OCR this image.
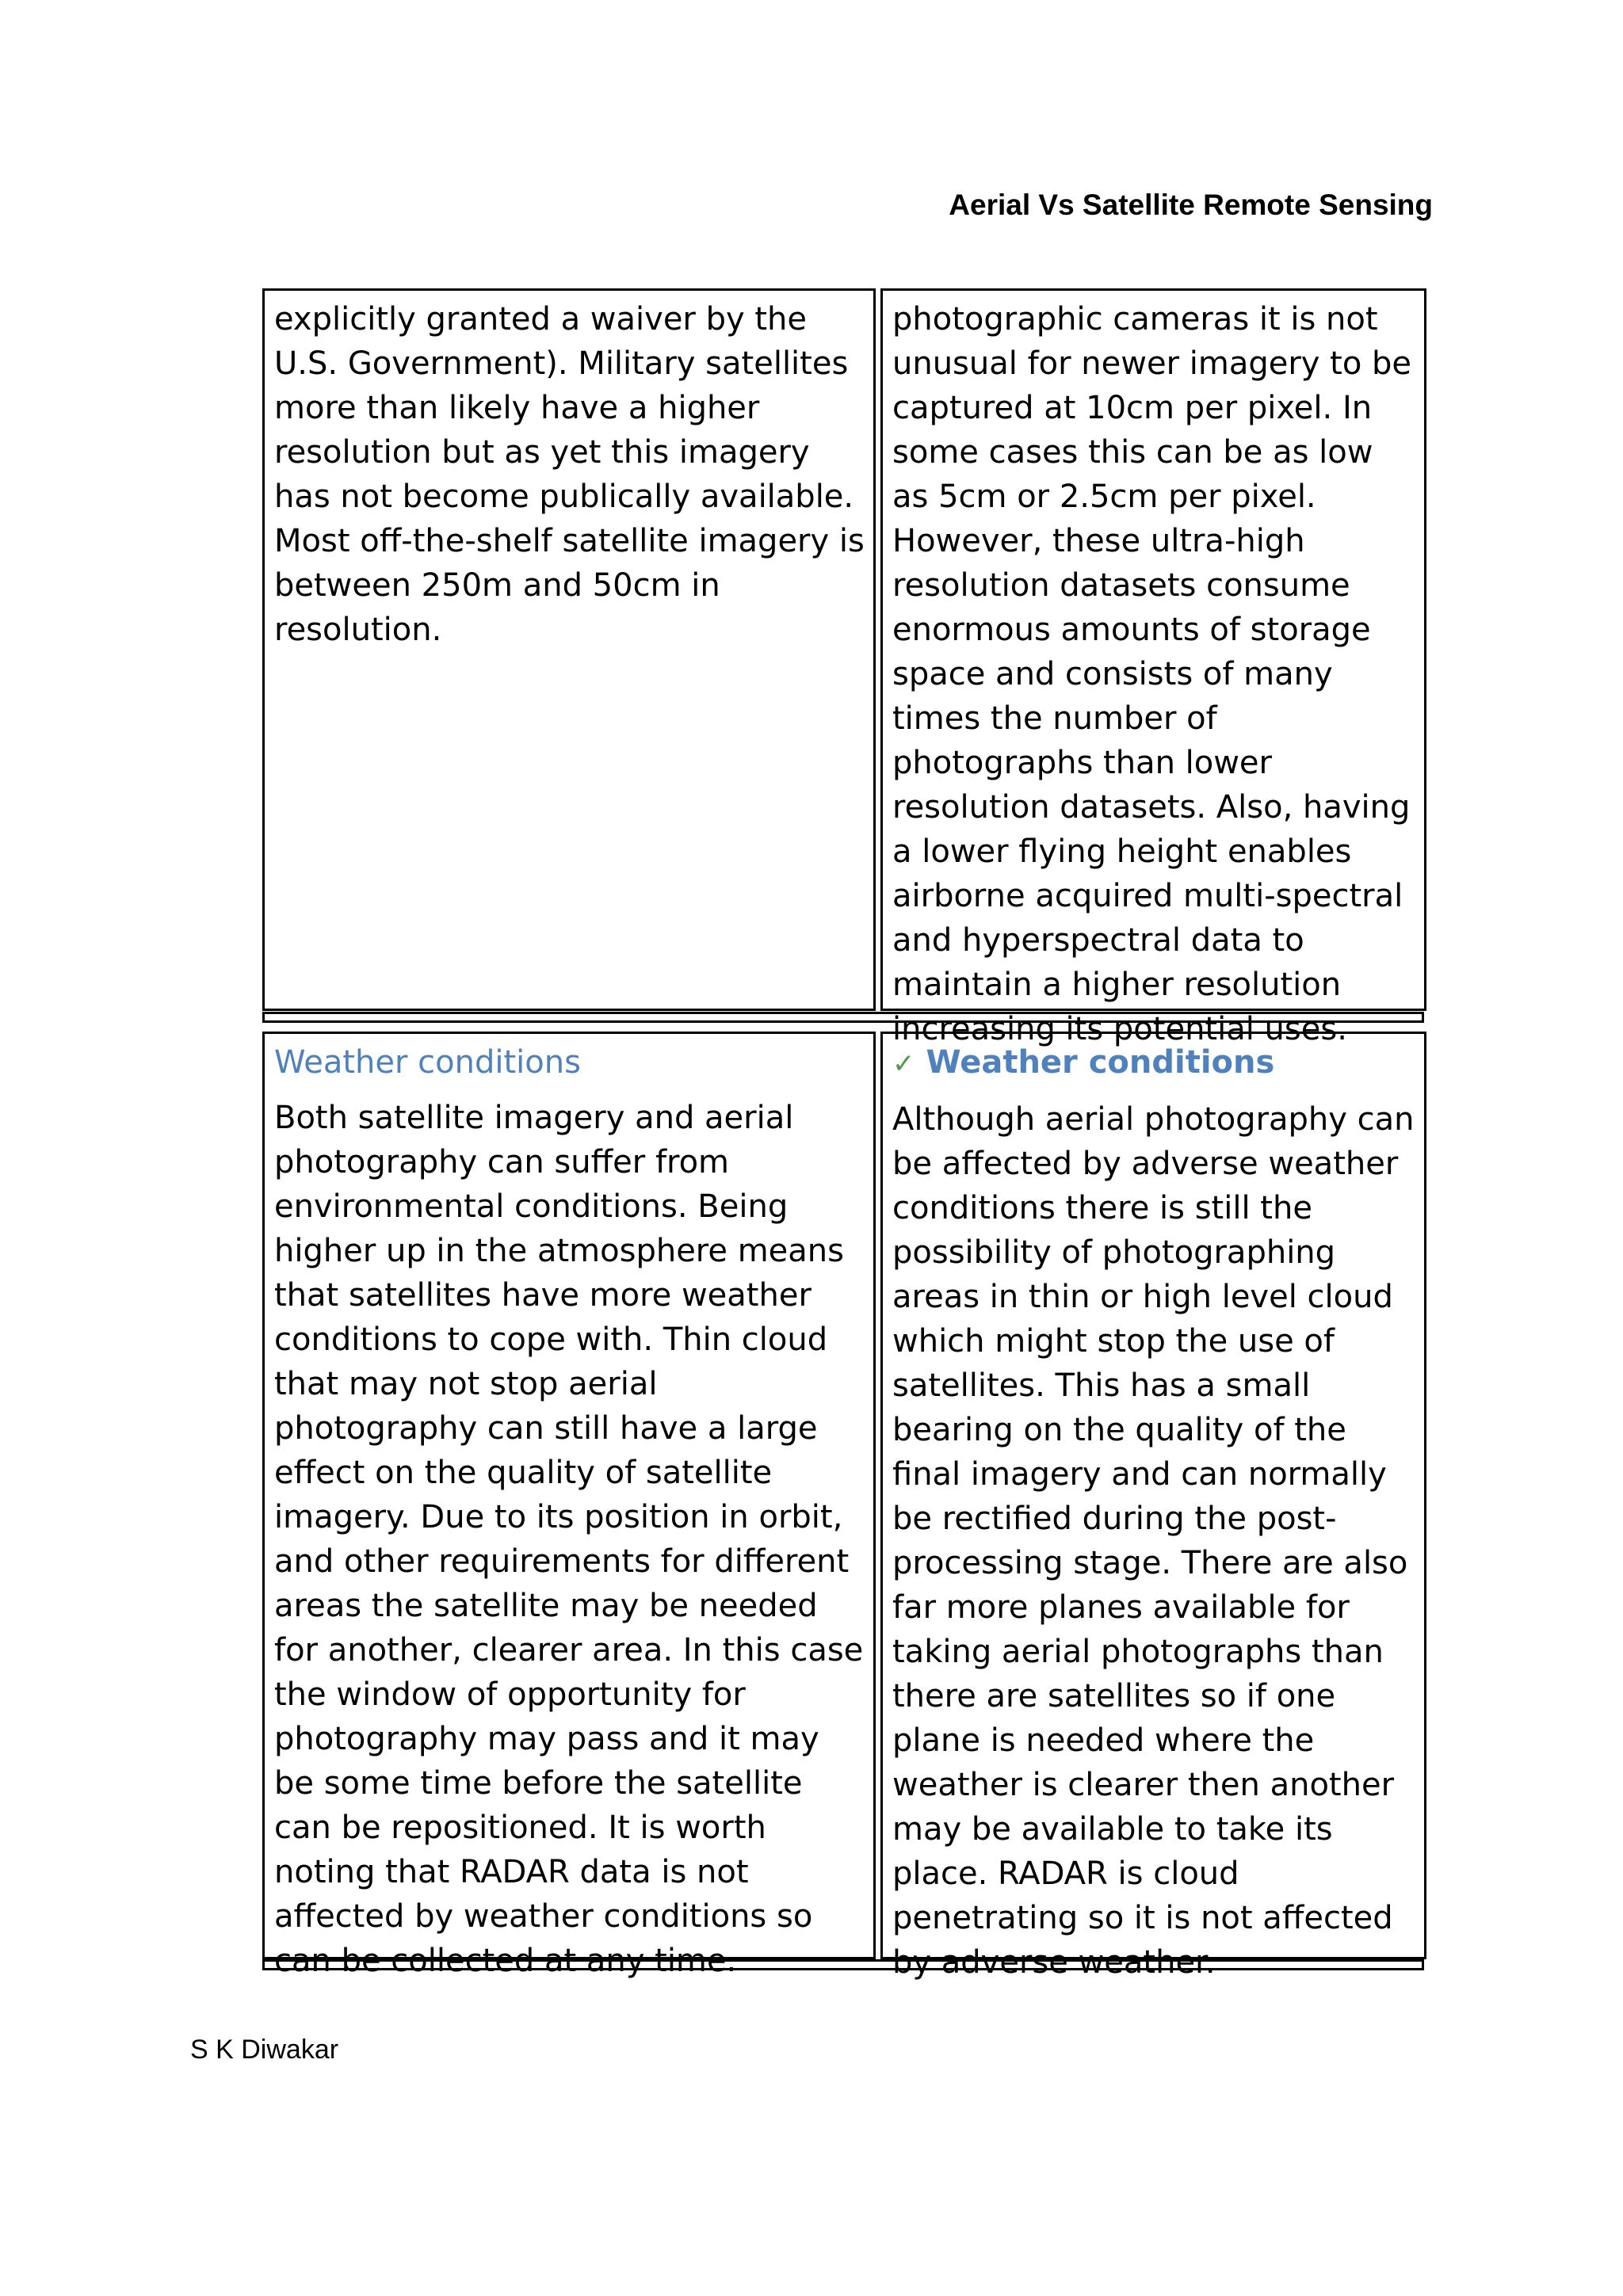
Aerial Vs Satellite Remote Sensing
explicitly granted a waiver by the U.S. Government). Military satellites more than likely have a higher resolution but as yet this imagery has not become publically available. Most off-the-shelf satellite imagery is between 250m and 50cm in resolution.
photographic cameras it is not unusual for newer imagery to be captured at 10cm per pixel. In some cases this can be as low as 5cm or 2.5cm per pixel. However, these ultra-high resolution datasets consume enormous amounts of storage space and consists of many times the number of photographs than lower resolution datasets. Also, having a lower flying height enables airborne acquired multi-spectral and hyperspectral data to maintain a higher resolution increasing its potential uses.
Weather conditions
Both satellite imagery and aerial photography can suffer from environmental conditions. Being higher up in the atmosphere means that satellites have more weather conditions to cope with. Thin cloud that may not stop aerial photography can still have a large effect on the quality of satellite imagery. Due to its position in orbit, and other requirements for different areas the satellite may be needed for another, clearer area. In this case the window of opportunity for photography may pass and it may be some time before the satellite can be repositioned. It is worth noting that RADAR data is not affected by weather conditions so can be collected at any time.
✓ Weather conditions
Although aerial photography can be affected by adverse weather conditions there is still the possibility of photographing areas in thin or high level cloud which might stop the use of satellites. This has a small bearing on the quality of the final imagery and can normally be rectified during the post-processing stage. There are also far more planes available for taking aerial photographs than there are satellites so if one plane is needed where the weather is clearer then another may be available to take its place. RADAR is cloud penetrating so it is not affected by adverse weather.
S K Diwakar
